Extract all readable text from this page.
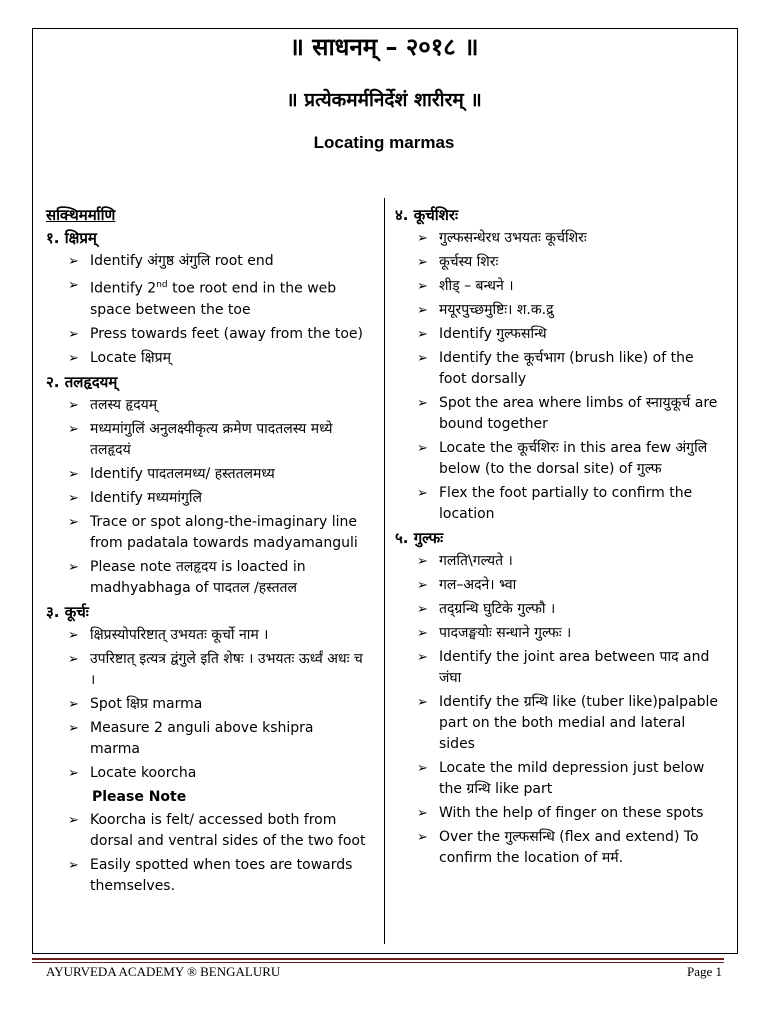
॥ साधनम् – २०१८ ॥
॥ प्रत्येकमर्मनिर्देशं शारीरम् ॥
Locating marmas
सक्थिमर्माणि
१. क्षिप्रम्
➢ Identify अंगुष्ठ अंगुलि root end
➢ Identify 2nd toe root end in the web space between the toe
➢ Press towards feet (away from the toe)
➢ Locate क्षिप्रम्
२. तलहृदयम्
➢ तलस्य हृदयम्
➢ मध्यमांगुलिं अनुलक्ष्यीकृत्य क्रमेण पादतलस्य मध्ये तलहृदयं
➢ Identify पादतलमध्य/ हस्ततलमध्य
➢ Identify मध्यमांगुलि
➢ Trace or spot along-the-imaginary line from padatala towards madyamanguli
➢ Please note तलहृदय is loacted in madhyabhaga of पादतल /हस्ततल
३. कूर्चः
➢ क्षिप्रस्योपरिष्टात् उभयतः कूर्चो नाम ।
➢ उपरिष्टात् इत्यत्र द्वंगुले इति शेषः । उभयतः ऊर्ध्वं अधः च ।
➢ Spot क्षिप्र marma
➢ Measure 2 anguli above kshipra marma
➢ Locate koorcha
Please Note
➢ Koorcha is felt/ accessed both from dorsal and ventral sides of the two foot
➢ Easily spotted when toes are towards themselves.
४. कूर्चशिरः
➢ गुल्फसन्धेरध उभयतः कूर्चशिरः
➢ कूर्चस्य शिरः
➢ शीड् – बन्धने ।
➢ मयूरपुच्छमुष्टिः। श.क.द्रु
➢ Identify गुल्फसन्धि
➢ Identify the कूर्चभाग (brush like) of the foot dorsally
➢ Spot the area where limbs of स्नायुकूर्च are bound together
➢ Locate the कूर्चशिरः in this area few अंगुलि below (to the dorsal site) of गुल्फ
➢ Flex the foot partially to confirm the location
५. गुल्फः
➢ गलति\गल्यते ।
➢ गल–अदने। भ्वा
➢ तद्ग्रन्थि घुटिके गुल्फौ ।
➢ पादजङ्घयोः सन्धाने गुल्फः ।
➢ Identify the joint area between पाद and जंघा
➢ Identify the ग्रन्थि like (tuber like)palpable part on the both medial and lateral sides
➢ Locate the mild depression just below the ग्रन्थि like part
➢ With the help of finger on these spots
➢ Over the गुल्फसन्धि (flex and extend) To confirm the location of मर्म.
AYURVEDA ACADEMY ® BENGALURU	Page 1
